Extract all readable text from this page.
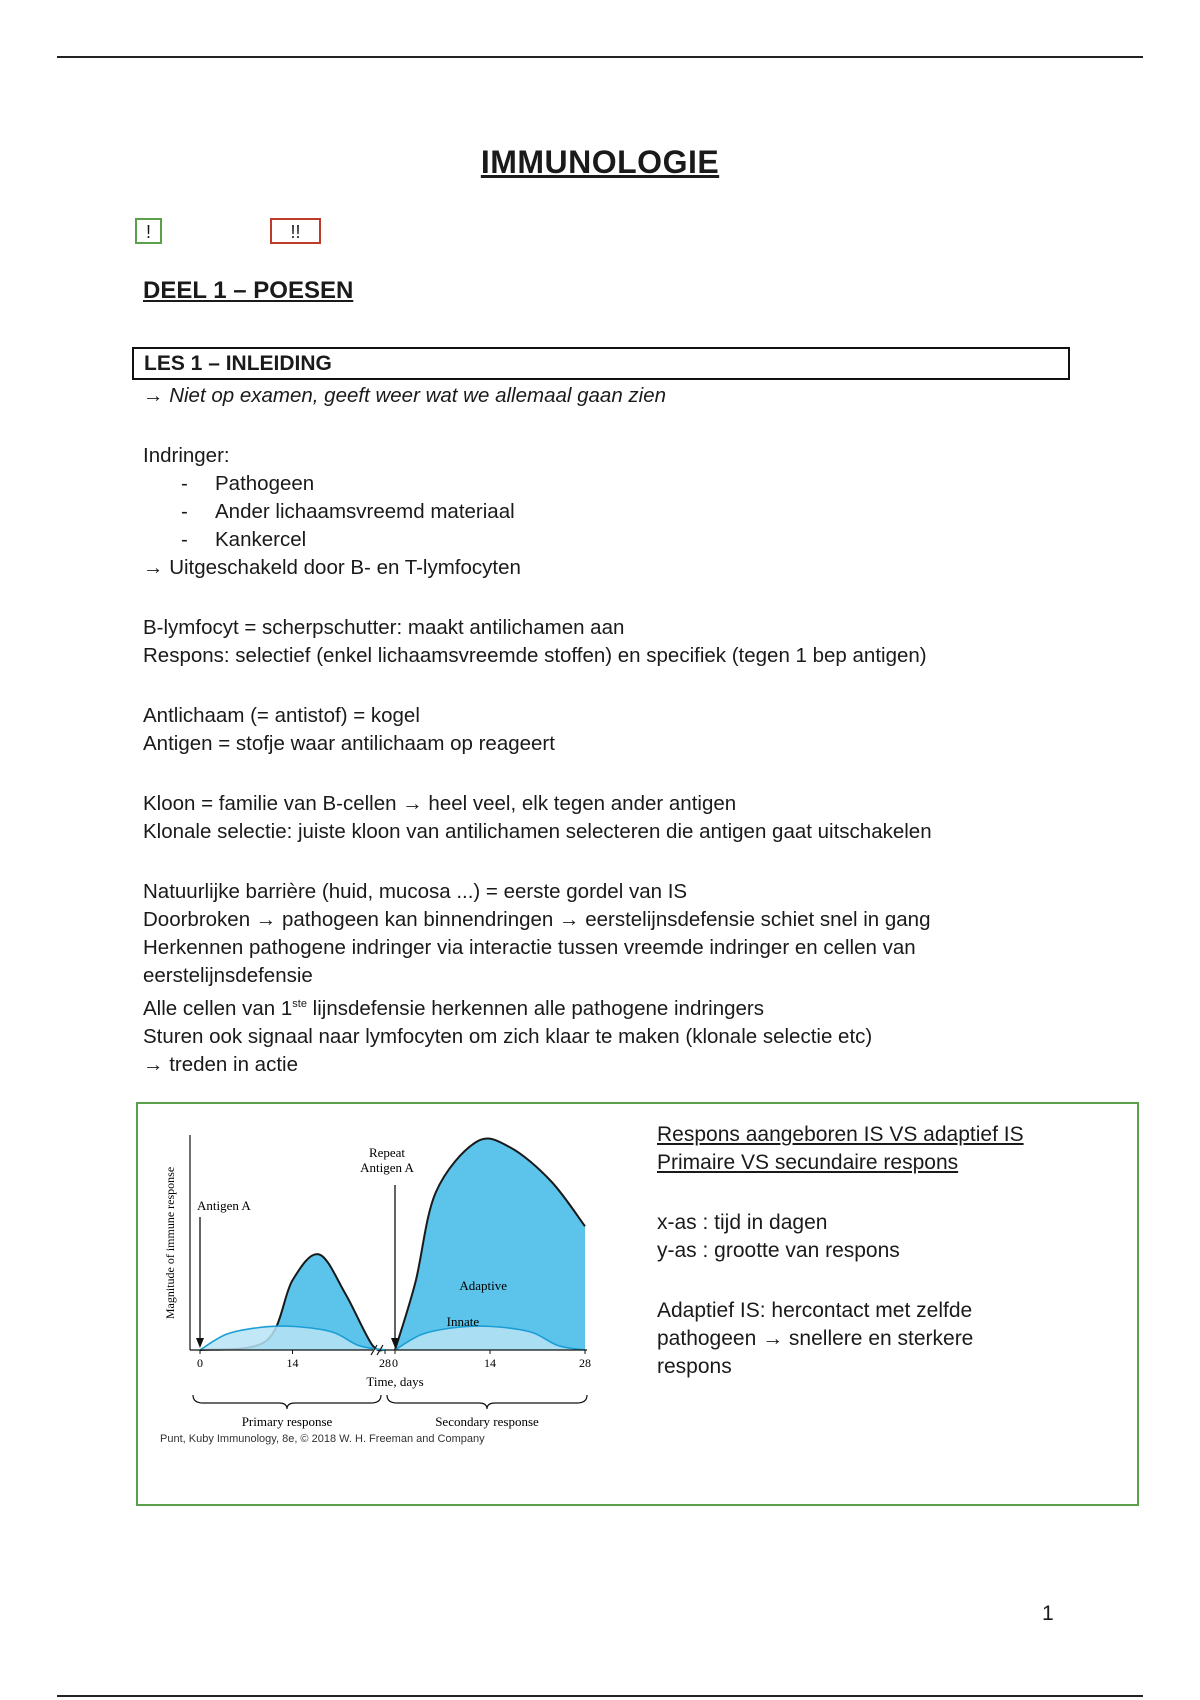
IMMUNOLOGIE
!	!!
DEEL 1 – POESEN
LES 1 – INLEIDING
→ Niet op examen, geeft weer wat we allemaal gaan zien
Indringer:
- Pathogeen
- Ander lichaamsvreemd materiaal
- Kankercel
→ Uitgeschakeld door B- en T-lymfocyten
B-lymfocyt = scherpschutter: maakt antilichamen aan
Respons: selectief (enkel lichaamsvreemde stoffen) en specifiek (tegen 1 bep antigen)
Antlichaam (= antistof) = kogel
Antigen = stofje waar antilichaam op reageert
Kloon = familie van B-cellen → heel veel, elk tegen ander antigen
Klonale selectie: juiste kloon van antilichamen selecteren die antigen gaat uitschakelen
Natuurlijke barrière (huid, mucosa ...) = eerste gordel van IS
Doorbroken → pathogeen kan binnendringen → eerstelijnsdefensie schiet snel in gang
Herkennen pathogene indringer via interactie tussen vreemde indringer en cellen van
eerstelijnsdefensie
Alle cellen van 1ste lijnsdefensie herkennen alle pathogene indringers
Sturen ook signaal naar lymfocyten om zich klaar te maken (klonale selectie etc)
→ treden in actie
0	14	28 0	14	28
Time, days
Magnitude of immune response Antigen A
Repeat
Antigen A
Adaptive
Innate
Primary response	Secondary response
Punt, Kuby Immunology, 8e, © 2018 W. H. Freeman and Company
Respons aangeboren IS VS adaptief IS
Primaire VS secundaire respons
x-as : tijd in dagen
y-as : grootte van respons
Adaptief IS: hercontact met zelfde
pathogeen → snellere en sterkere
respons
1
